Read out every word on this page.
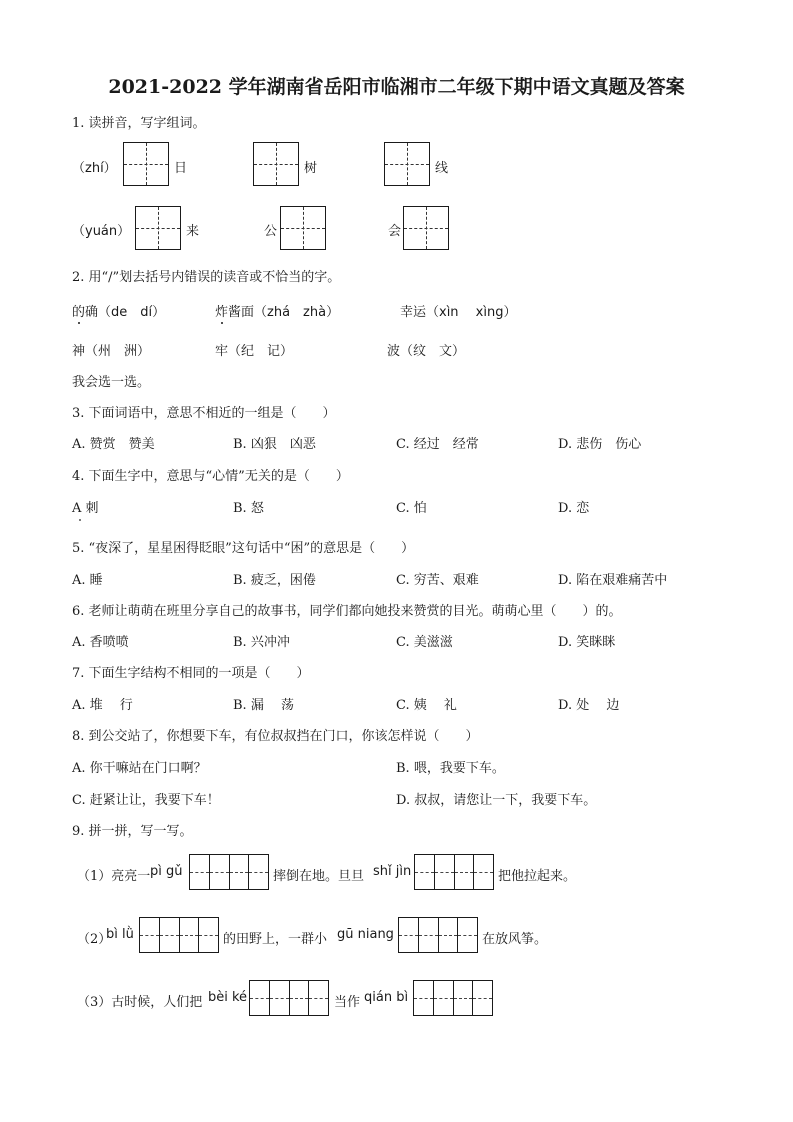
2021-2022 学年湖南省岳阳市临湘市二年级下期中语文真题及答案
1. 读拼音，写字组词。
（zhí）	日	树	线
（yuán）	来	公	会
2. 用“/”划去括号内错误的读音或不恰当的字。
的确（de　dí）	炸酱面（zhá　zhà）	幸运（xìn　 xìng）
神（州　洲）	牢（纪　记）	波（纹　文）
我会选一选。
3. 下面词语中，意思不相近的一组是（　　）
A. 赞赏　赞美	B. 凶狠　凶恶	C. 经过　经常	D. 悲伤　伤心
4. 下面生字中，意思与“心情”无关的是（　　）
A 刺	B. 怒	C. 怕	D. 恋
5. “夜深了，星星困得眨眼”这句话中“困”的意思是（　　）
A. 睡	B. 疲乏，困倦	C. 穷苦、艰难	D. 陷在艰难痛苦中
6. 老师让萌萌在班里分享自己的故事书，同学们都向她投来赞赏的目光。萌萌心里（　　）的。
A. 香喷喷	B. 兴冲冲	C. 美滋滋	D. 笑眯眯
7. 下面生字结构不相同的一项是（　　）
A. 堆　 行	B. 漏　 荡	C. 姨　 礼	D. 处　 边
8. 到公交站了，你想要下车，有位叔叔挡在门口，你该怎样说（　　）
A. 你干嘛站在门口啊？	B. 喂，我要下车。
C. 赶紧让让，我要下车！	D. 叔叔，请您让一下，我要下车。
9. 拼一拼，写一写。
（1）亮亮一 pì gǔ	摔倒在地。旦旦 shǐ jìn	把他拉起来。
（2）
bì lǜ	的田野上，一群小 gū niang	在放风筝。
（3）古时候，人们把 bèi ké	当作 qián bì
